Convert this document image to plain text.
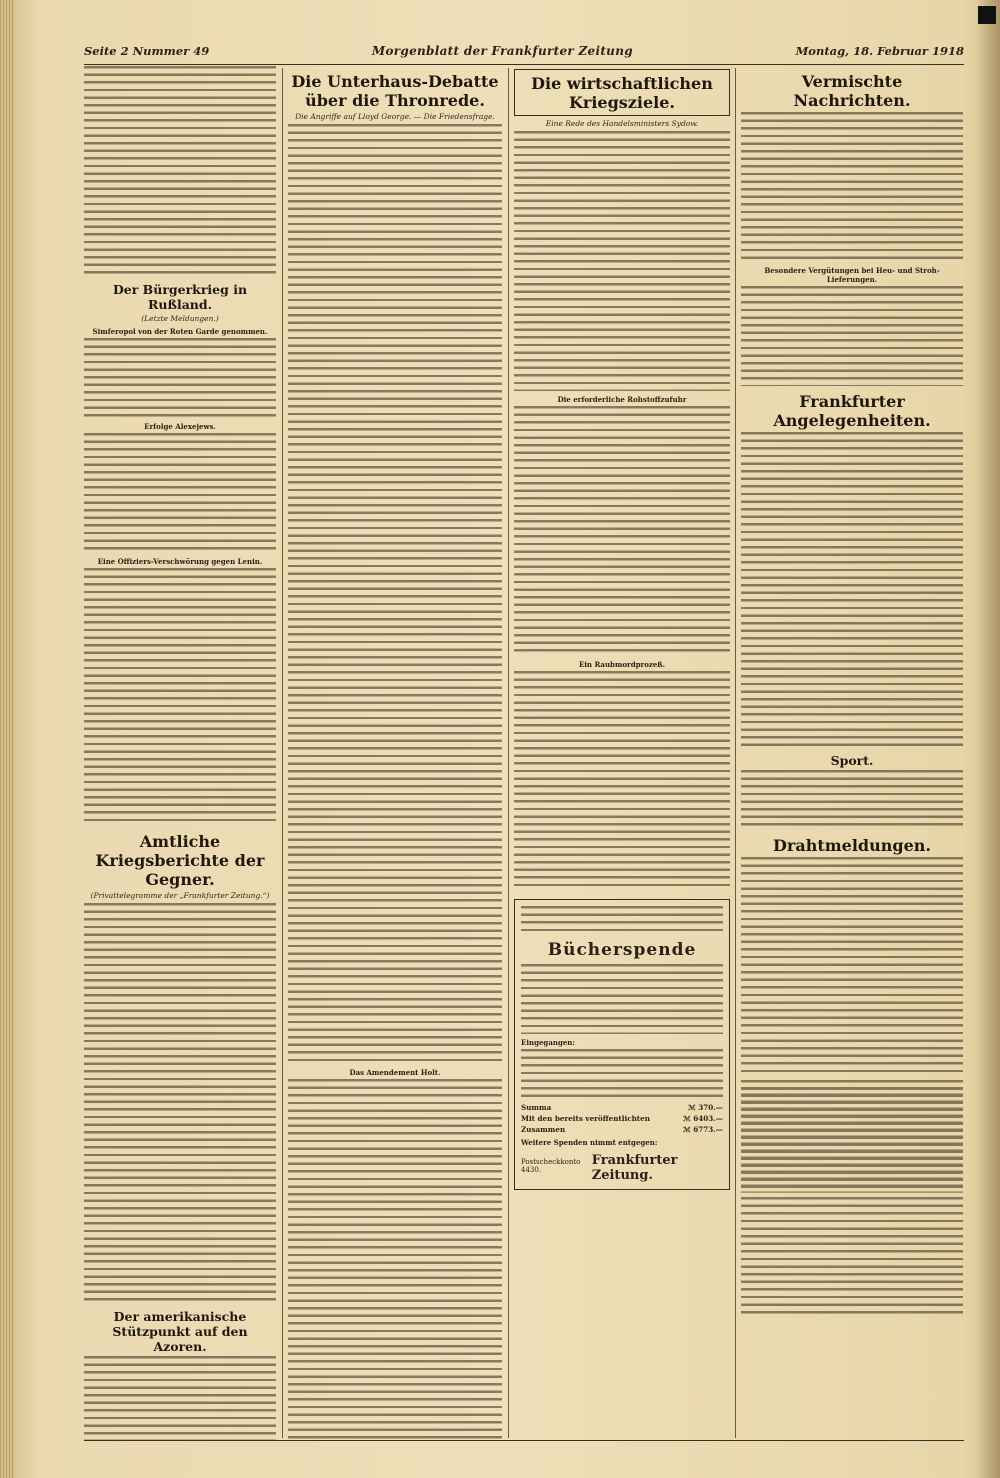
Seite 2 Nummer 49	Morgenblatt der Frankfurter Zeitung	Montag, 18. Februar 1918
Der Bürgerkrieg in Rußland.
(Letzte Meldungen.)
Simferopol von der Roten Garde genommen.
Erfolge Alexejews.
Eine Offiziers-Verschwörung gegen Lenin.
Amtliche Kriegsberichte der Gegner.
(Privattelegramme der „Frankfurter Zeitung.“)
Der amerikanische Stützpunkt auf den Azoren.
Die Unterhaus-Debatte über die Thronrede.
Die Angriffe auf Lloyd George. — Die Friedensfrage.
Das Amendement Holt.
Die wirtschaftlichen Kriegsziele.
Eine Rede des Handelsministers Sydow.
Die erforderliche Rohstoffzufuhr
Ein Raubmordprozeß.
Bücherspende
Eingegangen:
Summa	ℳ 370.—
Mit den bereits veröffentlichten	ℳ 6403.—
Zusammen	ℳ 6773.—
Weitere Spenden nimmt entgegen:
Postscheckkonto 4430.
Frankfurter Zeitung.
Vermischte Nachrichten.
Besondere Vergütungen bei Heu- und Stroh-Lieferungen.
Frankfurter Angelegenheiten.
Sport.
Drahtmeldungen.
